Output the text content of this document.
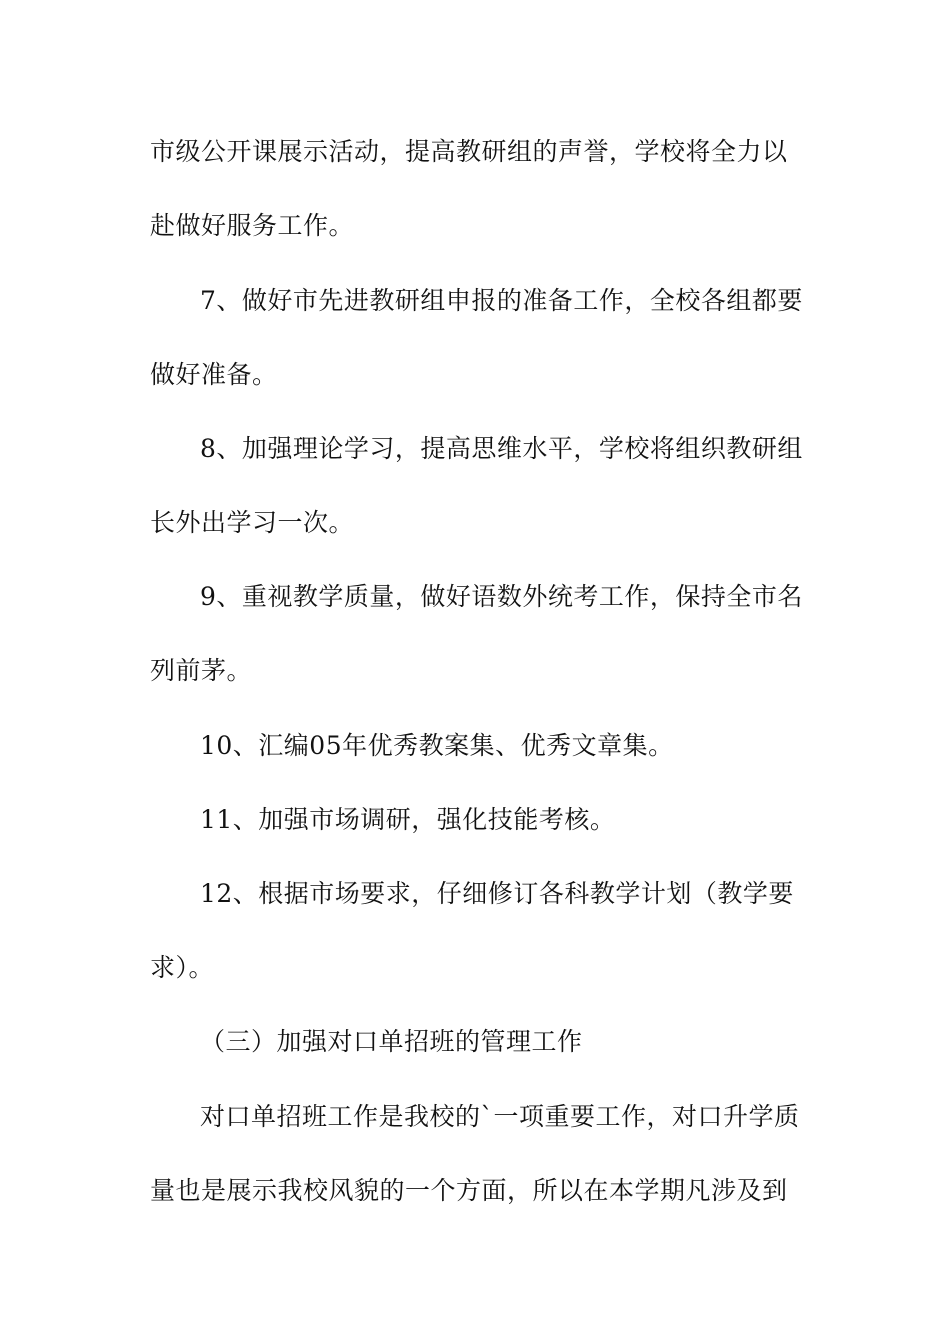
市级公开课展示活动，提高教研组的声誉，学校将全力以
赴做好服务工作。
7、做好市先进教研组申报的准备工作，全校各组都要
做好准备。
8、加强理论学习，提高思维水平，学校将组织教研组
长外出学习一次。
9、重视教学质量，做好语数外统考工作，保持全市名
列前茅。
10、汇编05年优秀教案集、优秀文章集。
11、加强市场调研，强化技能考核。
12、根据市场要求，仔细修订各科教学计划（教学要
求）。
（三）加强对口单招班的管理工作
对口单招班工作是我校的`一项重要工作，对口升学质
量也是展示我校风貌的一个方面，所以在本学期凡涉及到
